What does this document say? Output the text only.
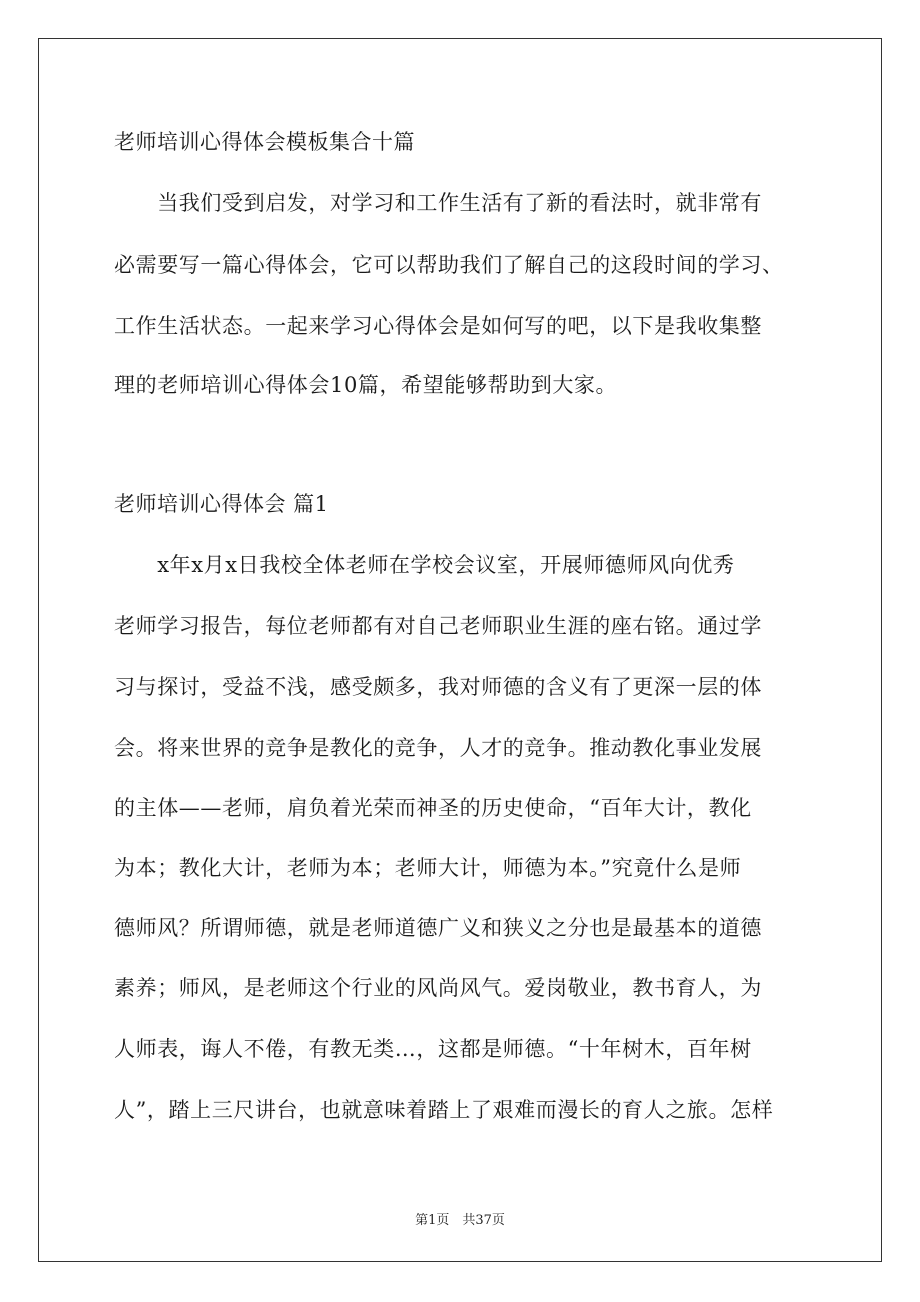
老师培训心得体会模板集合十篇
　　当我们受到启发，对学习和工作生活有了新的看法时，就非常有
必需要写一篇心得体会，它可以帮助我们了解自己的这段时间的学习、
工作生活状态。一起来学习心得体会是如何写的吧，以下是我收集整
理的老师培训心得体会10篇，希望能够帮助到大家。
老师培训心得体会 篇1
　　x年x月x日我校全体老师在学校会议室，开展师德师风向优秀
老师学习报告，每位老师都有对自己老师职业生涯的座右铭。通过学
习与探讨，受益不浅，感受颇多，我对师德的含义有了更深一层的体
会。将来世界的竞争是教化的竞争，人才的竞争。推动教化事业发展
的主体——老师，肩负着光荣而神圣的历史使命，“百年大计，教化
为本；教化大计，老师为本；老师大计，师德为本。”究竟什么是师
德师风？所谓师德，就是老师道德广义和狭义之分也是最基本的道德
素养；师风，是老师这个行业的风尚风气。爱岗敬业，教书育人，为
人师表，诲人不倦，有教无类…，这都是师德。“十年树木，百年树
人”，踏上三尺讲台，也就意味着踏上了艰难而漫长的育人之旅。怎样
第1页　共37页
